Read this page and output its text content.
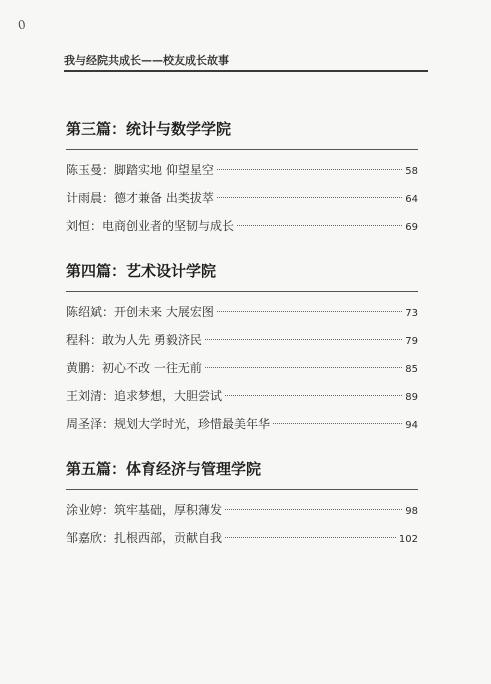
0
我与经院共成长——校友成长故事
第三篇：统计与数学学院
陈玉曼：脚踏实地 仰望星空	58
计雨晨：德才兼备 出类拔萃	64
刘恒：电商创业者的坚韧与成长	69
第四篇：艺术设计学院
陈绍斌：开创未来 大展宏图	73
程科：敢为人先 勇毅济民	79
黄鹏：初心不改 一往无前	85
王刘清：追求梦想，大胆尝试	89
周圣泽：规划大学时光，珍惜最美年华	94
第五篇：体育经济与管理学院
涂业婷：筑牢基础，厚积薄发	98
邹嘉欣：扎根西部，贡献自我	102
